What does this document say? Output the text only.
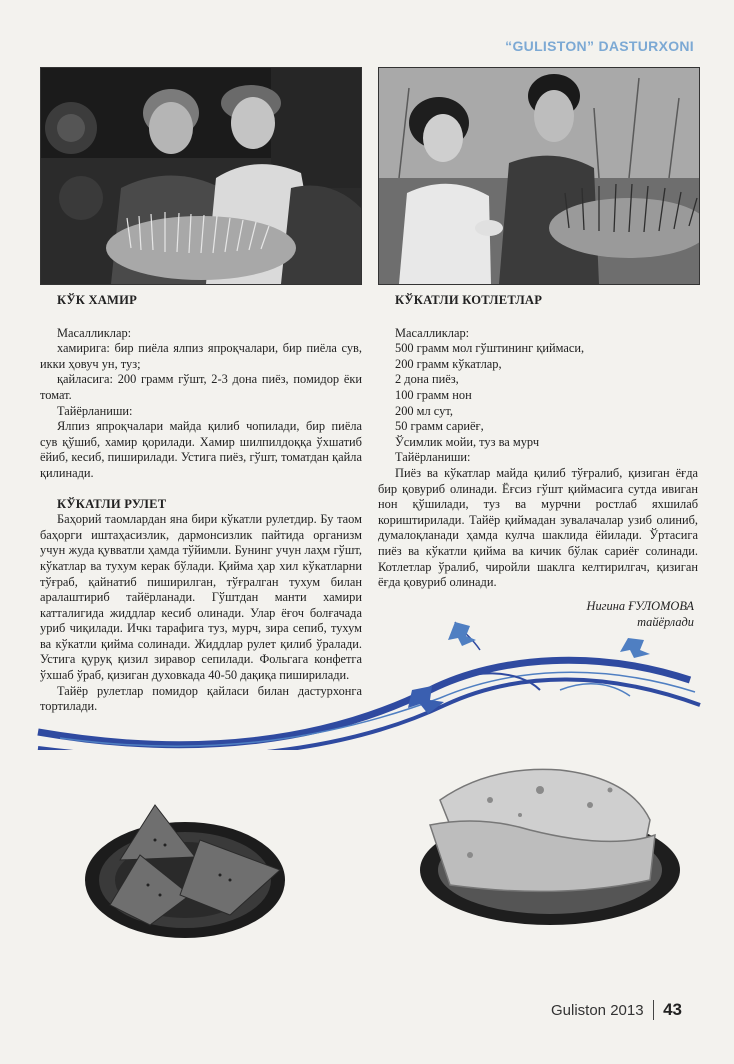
“GULISTON” DASTURXONI
КЎК ХАМИР

Масалликлар:

хамирига: бир пиёла ялпиз япроқчалари, бир пиёла сув, икки ҳовуч ун, туз;

қайласига: 200 грамм гўшт, 2-3 дона пиёз, помидор ёки томат.

Тайёрланиши:

Ялпиз япроқчалари майда қилиб чопилади, бир пиёла сув қўшиб, хамир қорилади. Хамир шилпилдоққа ўхшатиб ёйиб, кесиб, пиширилади. Устига пиёз, гўшт, томатдан қайла қилинади.

КЎКАТЛИ РУЛЕТ

Баҳорий таомлардан яна бири кўкатли рулетдир. Бу таом баҳорги иштаҳасизлик, дармонсизлик пайтида организм учун жуда қувватли ҳамда тўйимли. Бунинг учун лаҳм гўшт, кўкатлар ва тухум керак бўлади. Қийма ҳар хил кўкатларни тўғраб, қайнатиб пиширилган, тўғралган тухум билан аралаштириб тайёрланади. Гўштдан манти хамири катталигида жиддлар кесиб олинади. Улар ёғоч болғачада уриб чиқилади. Ичкı тарафига туз, мурч, зира сепиб, тухум ва кўкатли қийма солинади. Жиддлар рулет қилиб ўралади. Устига қуруқ қизил зиравор сепилади. Фольгага конфетга ўхшаб ўраб, қизиган духовкада 40-50 дақиқа пиширилади.

Тайёр рулетлар помидор қайласи билан дастурхонга тортилади.

КЎКАТЛИ КОТЛЕТЛАР

Масалликлар:

500 грамм мол гўштининг қиймаси,

200 грамм кўкатлар,

2 дона пиёз,

100 грамм нон

200 мл сут,

50 грамм сариёғ,

Ўсимлик мойи, туз ва мурч

Тайёрланиши:

Пиёз ва кўкатлар майда қилиб тўғралиб, қизиган ёғда бир қовуриб олинади. Ёғсиз гўшт қиймасига сутда ивиган нон қўшилади, туз ва мурчни ростлаб яхшилаб кориштирилади. Тайёр қиймадан зувалачалар узиб олиниб, думалоқланади ҳамда кулча шаклида ёйилади. Ўртасига пиёз ва кўкатли қийма ва кичик бўлак сариёғ солинади. Котлетлар ўралиб, чиройли шаклга келтирилгач, қизиган ёғда қовуриб олинади.

Нигина ҒУЛОМОВА
тайёрлади
Guliston 2013 43
